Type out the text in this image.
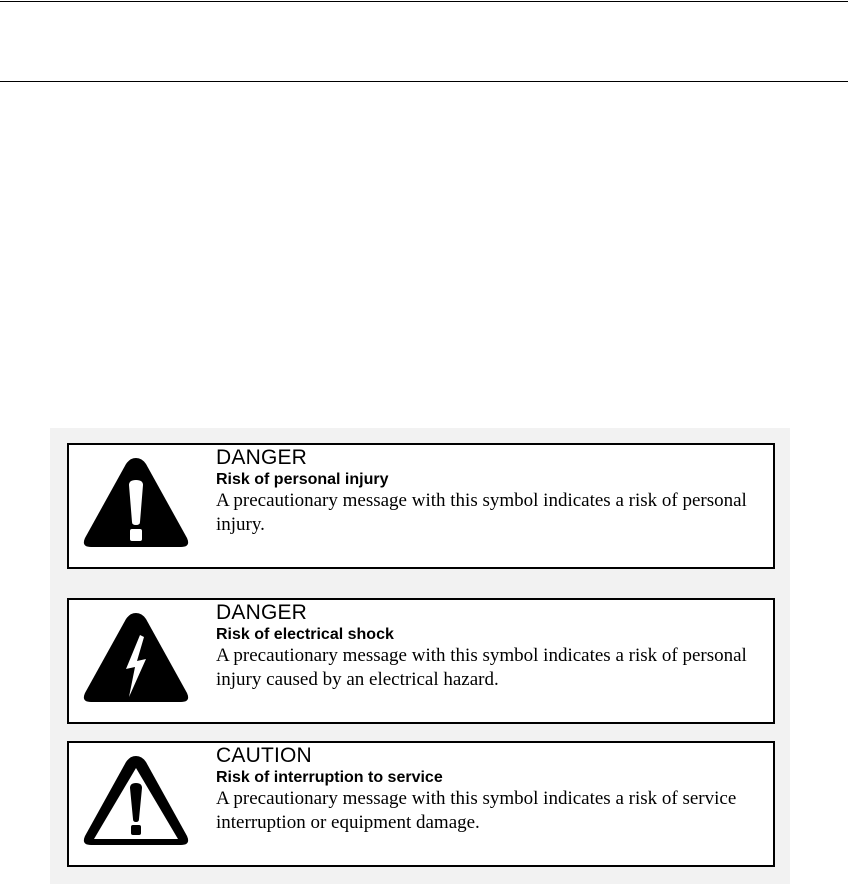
DANGER
Risk of personal injury
A precautionary message with this symbol indicates a risk of personal injury.
DANGER
Risk of electrical shock
A precautionary message with this symbol indicates a risk of personal injury caused by an electrical hazard.
CAUTION
Risk of interruption to service
A precautionary message with this symbol indicates a risk of service interruption or equipment damage.
